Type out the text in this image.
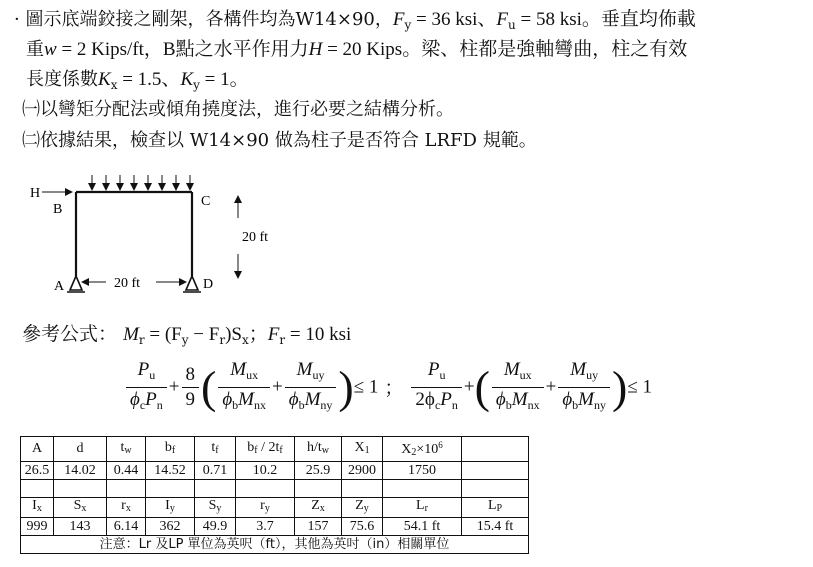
· 圖示底端鉸接之剛架，各構件均為W14×90，$F_y = 36$ ksi、$F_u = 58$ ksi。垂直均佈載
重w = 2 Kips/ft，B點之水平作用力H = 20 Kips。梁、柱都是強軸彎曲，柱之有效
長度係數$K_x = 1.5$、$K_y = 1$。
㈠以彎矩分配法或傾角撓度法，進行必要之結構分析。
㈡依據結果，檢查以 W14×90 做為柱子是否符合 LRFD 規範。
H
B
C
A	D
20 ft
20 ft
參考公式： $M_r = (F_y - F_r)S_x$；$F_r = 10$ ksi
$\frac{P_u}{\phi_cP_n} + \frac{8}{9}$ ( $\frac{M_{ux}}{\phi_bM_{nx}} + \frac{M_{uy}}{\phi_bM_{ny}}$ )≤ 1 ； $\frac{P_u}{2\phi_cP_n}$ +( $\frac{M_{ux}}{\phi_bM_{nx}} + \frac{M_{uy}}{\phi_bM_{ny}}$ )≤ 1
A	d	$t_w$	$b_f$	$t_f$	$b_f / 2t_f$	$h/t_w$	$X_1$	$X_2\times 10^6$	
26.5	14.02	0.44	14.52	0.71	10.2	25.9	2900	1750	

$I_x$	$S_x$	$r_x$	$I_y$	$S_y$	$r_y$	$Z_x$	$Z_y$	$L_r$	$L_P$
999	143	6.14	362	49.9	3.7	157	75.6	54.1 ft	15.4 ft
注意：Lr 及LP 單位為英呎（ft），其他為英吋（in）相關單位									
